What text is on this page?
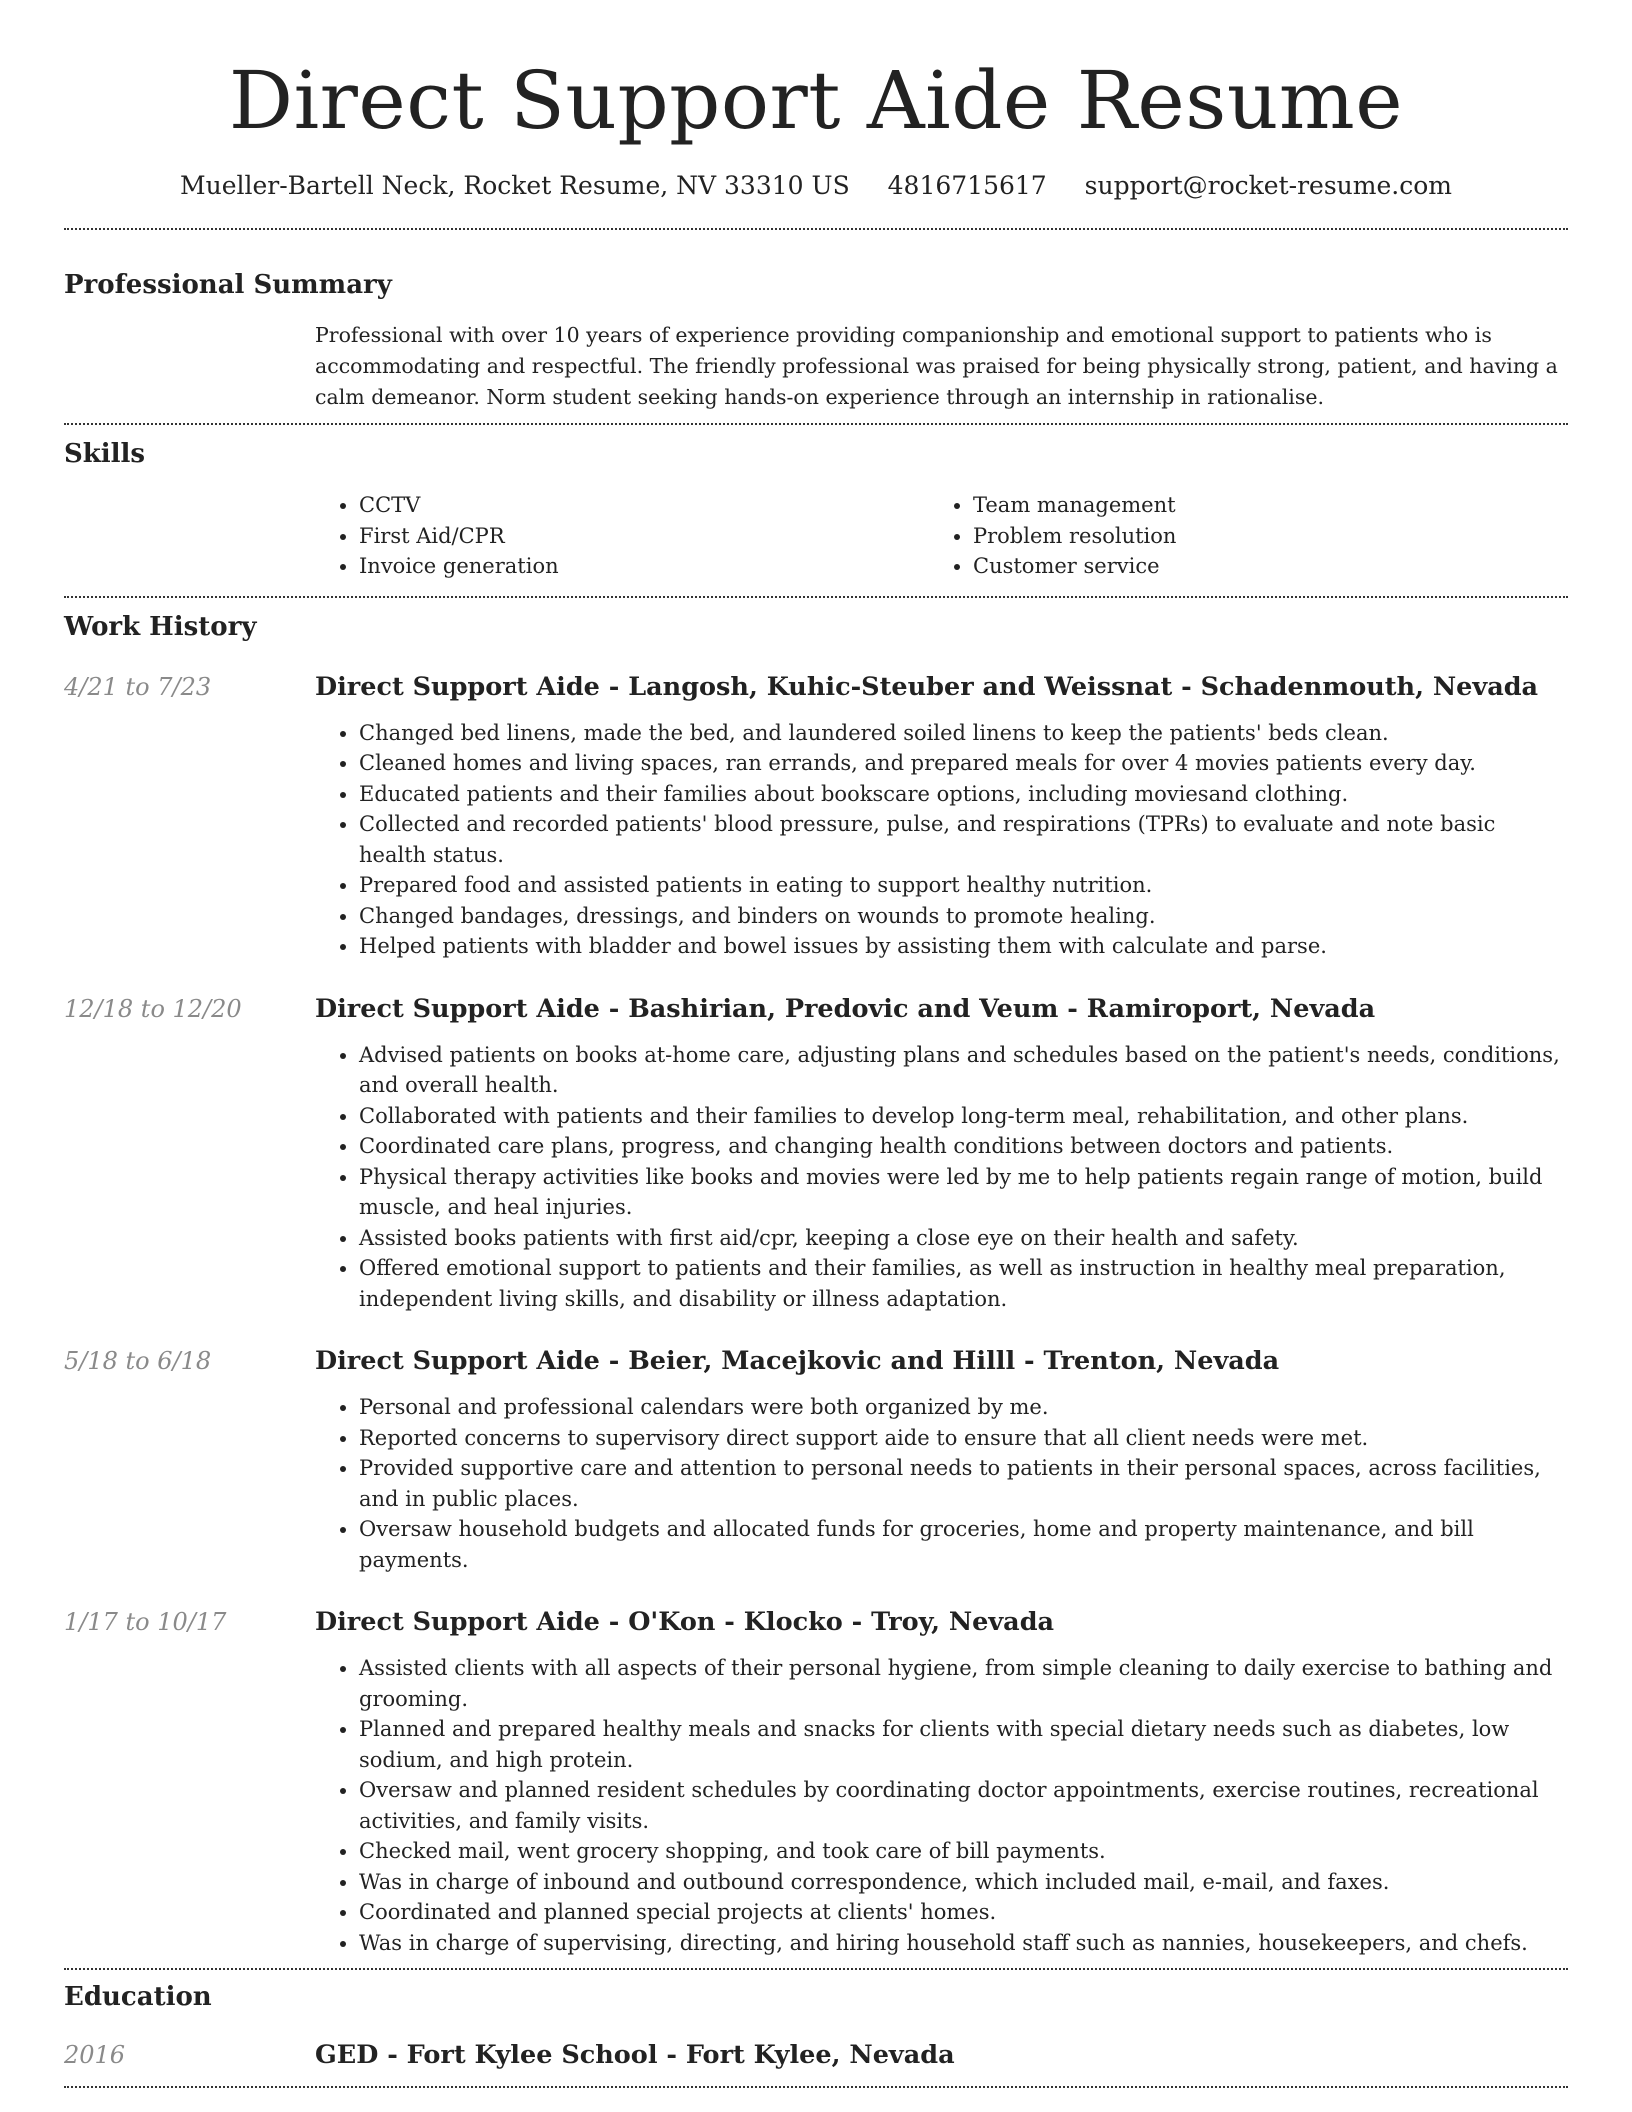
Direct Support Aide Resume
Mueller-Bartell Neck, Rocket Resume, NV 33310 US 4816715617 support@rocket-resume.com
Professional Summary

Professional with over 10 years of experience providing companionship and emotional support to patients who is accommodating and respectful. The friendly professional was praised for being physically strong, patient, and having a calm demeanor. Norm student seeking hands-on experience through an internship in rationalise.

Skills
• CCTV
• First Aid/CPR
• Invoice generation
• Team management
• Problem resolution
• Customer service
Work History
4/21 to 7/23	Direct Support Aide - Langosh, Kuhic-Steuber and Weissnat - Schadenmouth, Nevada
• Changed bed linens, made the bed, and laundered soiled linens to keep the patients' beds clean.
• Cleaned homes and living spaces, ran errands, and prepared meals for over 4 movies patients every day.
• Educated patients and their families about bookscare options, including moviesand clothing.
• Collected and recorded patients' blood pressure, pulse, and respirations (TPRs) to evaluate and note basic health status.
• Prepared food and assisted patients in eating to support healthy nutrition.
• Changed bandages, dressings, and binders on wounds to promote healing.
• Helped patients with bladder and bowel issues by assisting them with calculate and parse.
12/18 to 12/20	Direct Support Aide - Bashirian, Predovic and Veum - Ramiroport, Nevada
• Advised patients on books at-home care, adjusting plans and schedules based on the patient's needs, conditions, and overall health.
• Collaborated with patients and their families to develop long-term meal, rehabilitation, and other plans.
• Coordinated care plans, progress, and changing health conditions between doctors and patients.
• Physical therapy activities like books and movies were led by me to help patients regain range of motion, build muscle, and heal injuries.
• Assisted books patients with first aid/cpr, keeping a close eye on their health and safety.
• Offered emotional support to patients and their families, as well as instruction in healthy meal preparation, independent living skills, and disability or illness adaptation.
5/18 to 6/18	Direct Support Aide - Beier, Macejkovic and Hilll - Trenton, Nevada
• Personal and professional calendars were both organized by me.
• Reported concerns to supervisory direct support aide to ensure that all client needs were met.
• Provided supportive care and attention to personal needs to patients in their personal spaces, across facilities, and in public places.
• Oversaw household budgets and allocated funds for groceries, home and property maintenance, and bill payments.
1/17 to 10/17	Direct Support Aide - O'Kon - Klocko - Troy, Nevada
• Assisted clients with all aspects of their personal hygiene, from simple cleaning to daily exercise to bathing and grooming.
• Planned and prepared healthy meals and snacks for clients with special dietary needs such as diabetes, low sodium, and high protein.
• Oversaw and planned resident schedules by coordinating doctor appointments, exercise routines, recreational activities, and family visits.
• Checked mail, went grocery shopping, and took care of bill payments.
• Was in charge of inbound and outbound correspondence, which included mail, e-mail, and faxes.
• Coordinated and planned special projects at clients' homes.
• Was in charge of supervising, directing, and hiring household staff such as nannies, housekeepers, and chefs.
Education
2016	GED - Fort Kylee School - Fort Kylee, Nevada
